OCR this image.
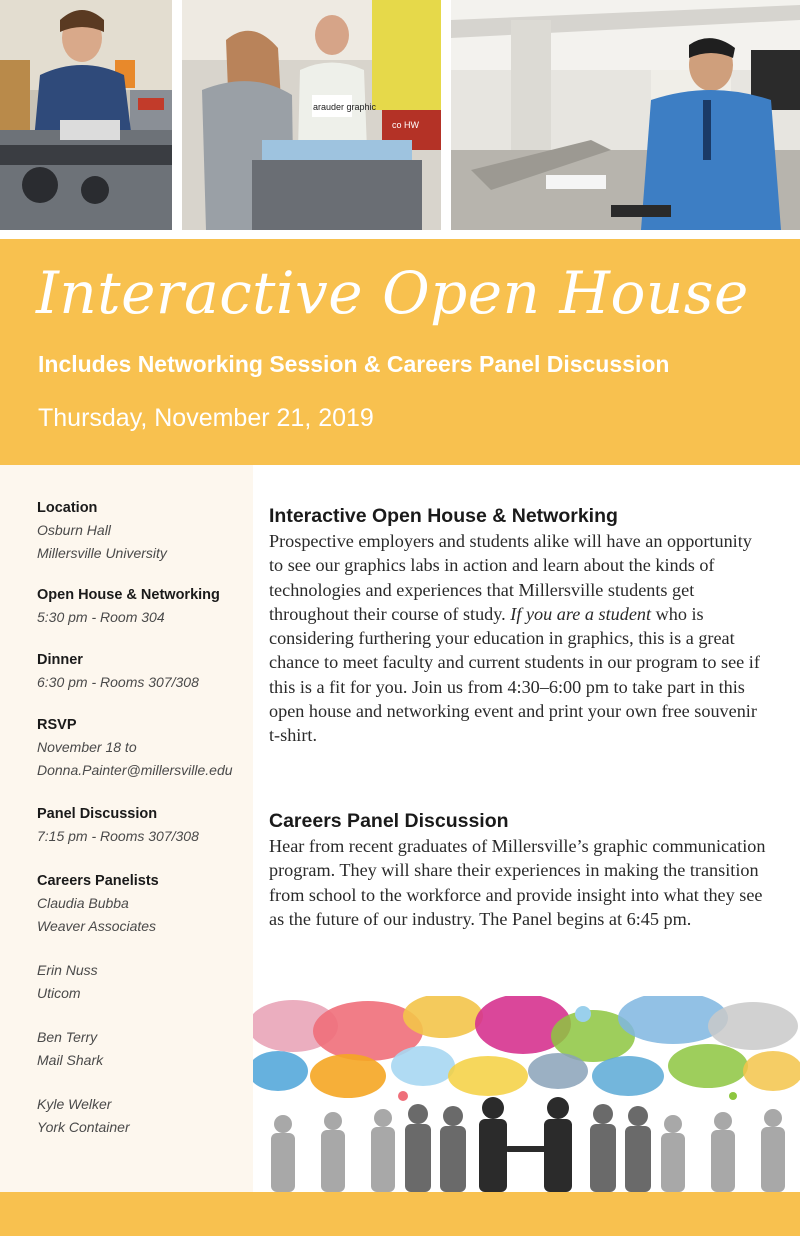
co HW
arauder graphic
Interactive Open House
Includes Networking Session & Careers Panel Discussion
Thursday, November 21, 2019
Location
Osburn Hall
Millersville University
Open House & Networking
5:30 pm - Room 304
Dinner
6:30 pm - Rooms 307/308
RSVP
November 18 to
Donna.Painter@millersville.edu
Panel Discussion
7:15 pm - Rooms 307/308
Careers Panelists
Claudia Bubba
Weaver Associates
Erin Nuss
Uticom
Ben Terry
Mail Shark
Kyle Welker
York Container
Interactive Open House & Networking
Prospective employers and students alike will have an opportunity to see our graphics labs in action and learn about the kinds of technologies and experiences that Millersville students get throughout their course of study. If you are a student who is considering furthering your education in graphics, this is a great chance to meet faculty and current students in our program to see if this is a fit for you. Join us from 4:30–6:00 pm to take part in this open house and networking event and print your own free souvenir t-shirt.
Careers Panel Discussion
Hear from recent graduates of Millersville’s graphic communication program. They will share their experiences in making the transition from school to the workforce and provide insight into what they see as the future of our industry. The Panel begins at 6:45 pm.
